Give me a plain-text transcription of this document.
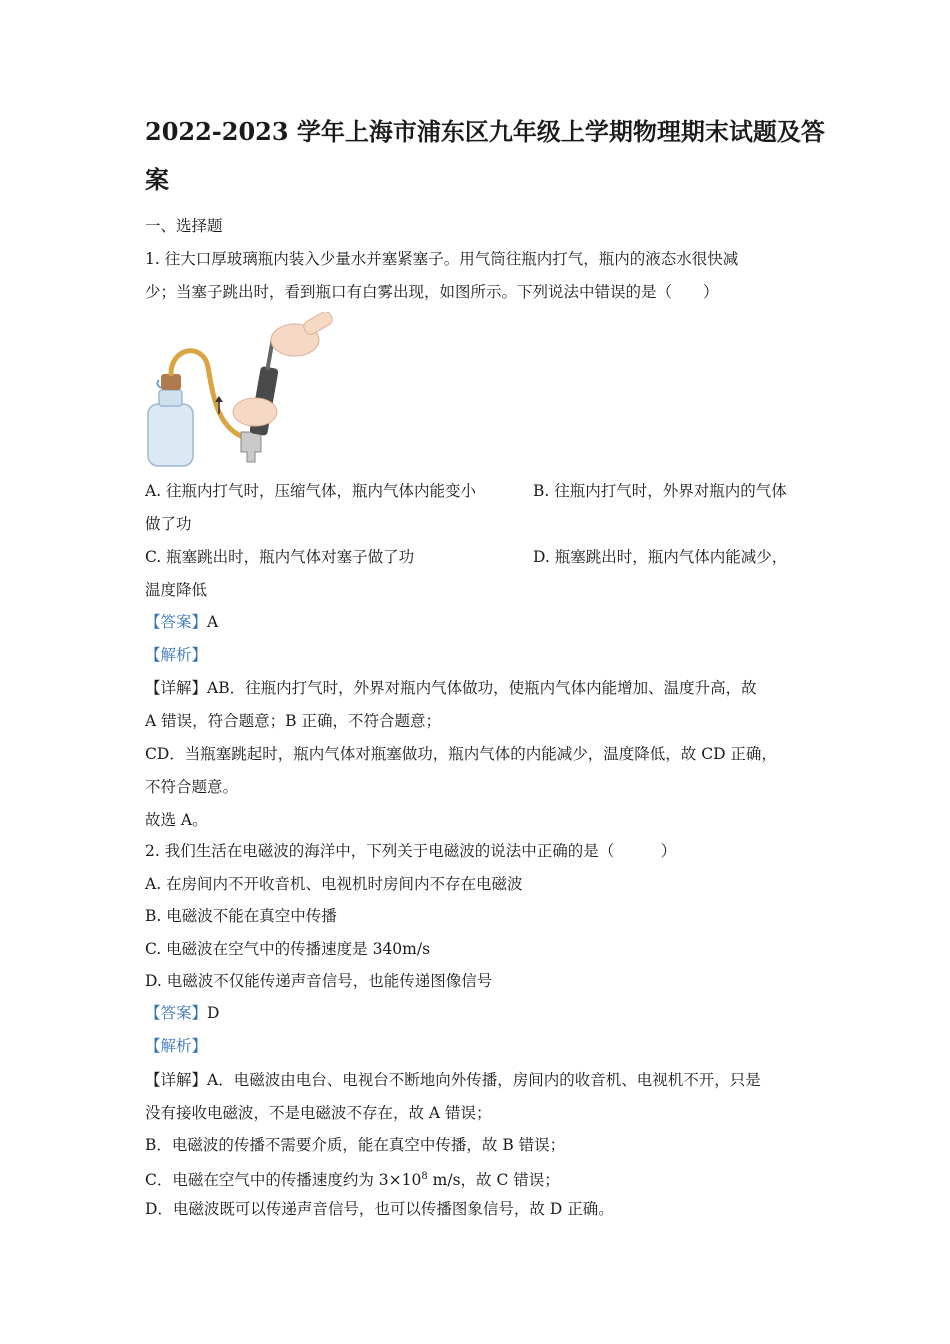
2022-2023 学年上海市浦东区九年级上学期物理期末试题及答案
一、选择题
1. 往大口厚玻璃瓶内装入少量水并塞紧塞子。用气筒往瓶内打气，瓶内的液态水很快减
少；当塞子跳出时，看到瓶口有白雾出现，如图所示。下列说法中错误的是（　　）
A. 往瓶内打气时，压缩气体，瓶内气体内能变小	B. 往瓶内打气时，外界对瓶内的气体
做了功
C. 瓶塞跳出时，瓶内气体对塞子做了功	D. 瓶塞跳出时，瓶内气体内能减少，
温度降低
【答案】A
【解析】
【详解】AB．往瓶内打气时，外界对瓶内气体做功，使瓶内气体内能增加、温度升高，故
A 错误，符合题意；B 正确，不符合题意；
CD．当瓶塞跳起时，瓶内气体对瓶塞做功，瓶内气体的内能减少，温度降低，故 CD 正确，
不符合题意。
故选 A。
2. 我们生活在电磁波的海洋中，下列关于电磁波的说法中正确的是（　　　）
A. 在房间内不开收音机、电视机时房间内不存在电磁波
B. 电磁波不能在真空中传播
C. 电磁波在空气中的传播速度是 340m/s
D. 电磁波不仅能传递声音信号，也能传递图像信号
【答案】D
【解析】
【详解】A．电磁波由电台、电视台不断地向外传播，房间内的收音机、电视机不开，只是
没有接收电磁波，不是电磁波不存在，故 A 错误；
B．电磁波的传播不需要介质，能在真空中传播，故 B 错误；
C．电磁在空气中的传播速度约为 $3\times 10^8$ m/s，故 C 错误；
D．电磁波既可以传递声音信号，也可以传播图象信号，故 D 正确。
